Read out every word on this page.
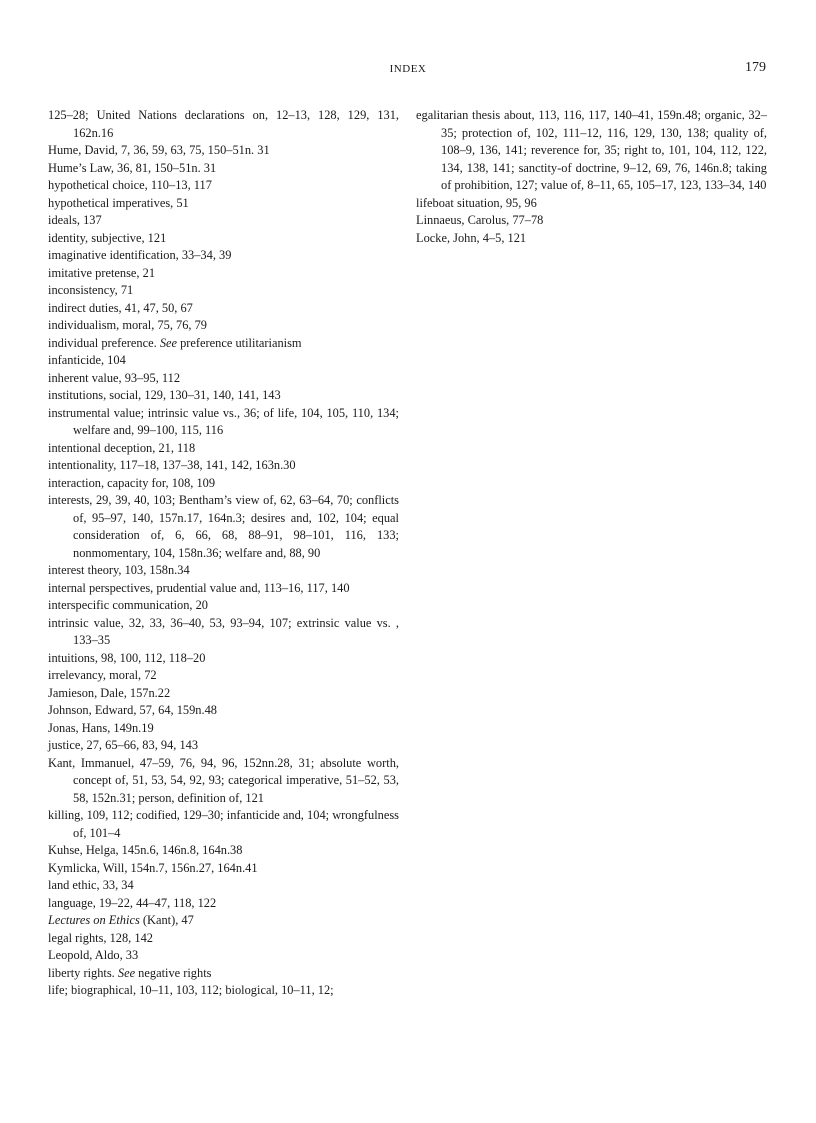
INDEX	179
125–28; United Nations declarations on, 12–13, 128, 129, 131, 162n.16
Hume, David, 7, 36, 59, 63, 75, 150–51n. 31
Hume’s Law, 36, 81, 150–51n. 31
hypothetical choice, 110–13, 117
hypothetical imperatives, 51
ideals, 137
identity, subjective, 121
imaginative identification, 33–34, 39
imitative pretense, 21
inconsistency, 71
indirect duties, 41, 47, 50, 67
individualism, moral, 75, 76, 79
individual preference. See preference utilitarianism
infanticide, 104
inherent value, 93–95, 112
institutions, social, 129, 130–31, 140, 141, 143
instrumental value; intrinsic value vs., 36; of life, 104, 105, 110, 134; welfare and, 99–100, 115, 116
intentional deception, 21, 118
intentionality, 117–18, 137–38, 141, 142, 163n.30
interaction, capacity for, 108, 109
interests, 29, 39, 40, 103; Bentham’s view of, 62, 63–64, 70; conflicts of, 95–97, 140, 157n.17, 164n.3; desires and, 102, 104; equal consideration of, 6, 66, 68, 88–91, 98–101, 116, 133; nonmomentary, 104, 158n.36; welfare and, 88, 90
interest theory, 103, 158n.34
internal perspectives, prudential value and, 113–16, 117, 140
interspecific communication, 20
intrinsic value, 32, 33, 36–40, 53, 93–94, 107; extrinsic value vs. , 133–35
intuitions, 98, 100, 112, 118–20
irrelevancy, moral, 72
Jamieson, Dale, 157n.22
Johnson, Edward, 57, 64, 159n.48
Jonas, Hans, 149n.19
justice, 27, 65–66, 83, 94, 143
Kant, Immanuel, 47–59, 76, 94, 96, 152nn.28, 31; absolute worth, concept of, 51, 53, 54, 92, 93; categorical imperative, 51–52, 53, 58, 152n.31; person, definition of, 121
killing, 109, 112; codified, 129–30; infanticide and, 104; wrongfulness of, 101–4
Kuhse, Helga, 145n.6, 146n.8, 164n.38
Kymlicka, Will, 154n.7, 156n.27, 164n.41
land ethic, 33, 34
language, 19–22, 44–47, 118, 122
Lectures on Ethics (Kant), 47
legal rights, 128, 142
Leopold, Aldo, 33
liberty rights. See negative rights
life; biographical, 10–11, 103, 112; biological, 10–11, 12;
egalitarian thesis about, 113, 116, 117, 140–41, 159n.48; organic, 32–35; protection of, 102, 111–12, 116, 129, 130, 138; quality of, 108–9, 136, 141; reverence for, 35; right to, 101, 104, 112, 122, 134, 138, 141; sanctity-of doctrine, 9–12, 69, 76, 146n.8; taking of prohibition, 127; value of, 8–11, 65, 105–17, 123, 133–34, 140
lifeboat situation, 95, 96
Linnaeus, Carolus, 77–78
Locke, John, 4–5, 121
